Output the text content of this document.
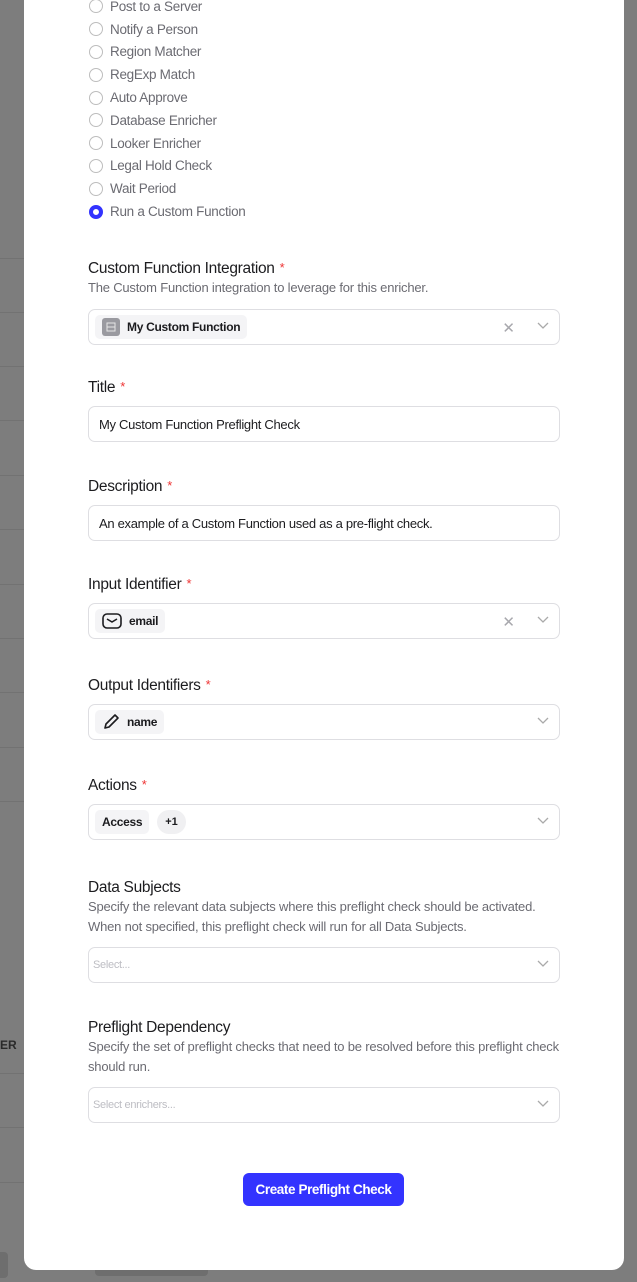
ER
Post to a Server
Notify a Person
Region Matcher
RegExp Match
Auto Approve
Database Enricher
Looker Enricher
Legal Hold Check
Wait Period
Run a Custom Function
Custom Function Integration *
The Custom Function integration to leverage for this enricher.
My Custom Function	✕
Title *
My Custom Function Preflight Check
Description *
An example of a Custom Function used as a pre-flight check.
Input Identifier *
email	✕
Output Identifiers *
name
Actions *
Access	+1
Data Subjects
Specify the relevant data subjects where this preflight check should be activated. When not specified, this preflight check will run for all Data Subjects.
Select...
Preflight Dependency
Specify the set of preflight checks that need to be resolved before this preflight check should run.
Select enrichers...
Create Preflight Check
